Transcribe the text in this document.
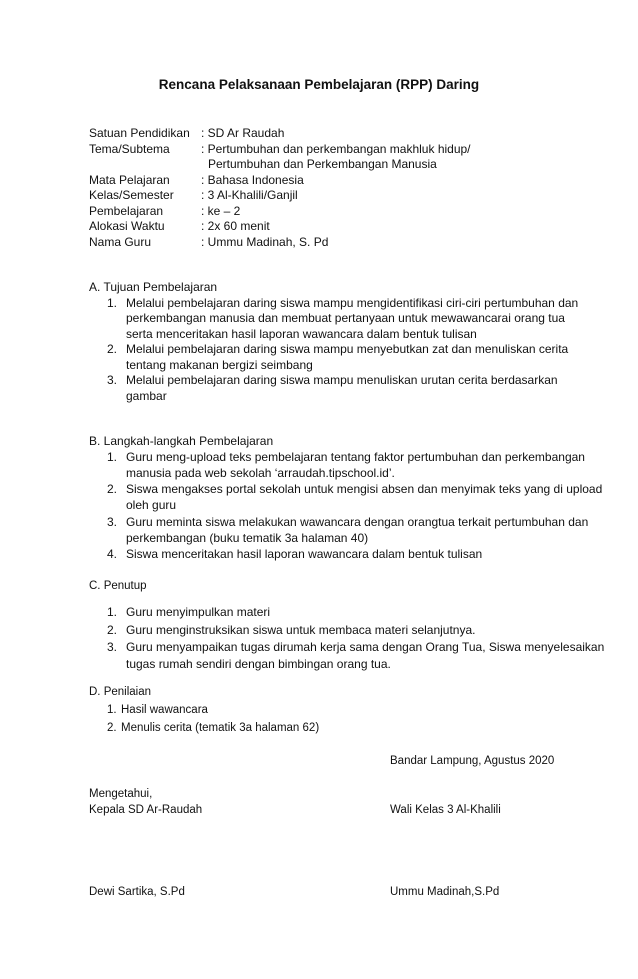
Rencana Pelaksanaan Pembelajaran (RPP) Daring
Satuan Pendidikan : SD Ar Raudah
Tema/Subtema	: Pertumbuhan dan perkembangan makhluk hidup/
Pertumbuhan dan Perkembangan Manusia
Mata Pelajaran	: Bahasa Indonesia
Kelas/Semester	: 3 Al-Khalili/Ganjil
Pembelajaran	: ke – 2
Alokasi Waktu	: 2x 60 menit
Nama Guru	: Ummu Madinah, S. Pd
A. Tujuan Pembelajaran
1. Melalui pembelajaran daring siswa mampu mengidentifikasi ciri-ciri pertumbuhan dan
perkembangan manusia dan membuat pertanyaan untuk mewawancarai orang tua
serta menceritakan hasil laporan wawancara dalam bentuk tulisan
2. Melalui pembelajaran daring siswa mampu menyebutkan zat dan menuliskan cerita
tentang makanan bergizi seimbang
3. Melalui pembelajaran daring siswa mampu menuliskan urutan cerita berdasarkan
gambar
B. Langkah-langkah Pembelajaran
1. Guru meng-upload teks pembelajaran tentang faktor pertumbuhan dan perkembangan
manusia pada web sekolah ‘arraudah.tipschool.id’.
2. Siswa mengakses portal sekolah untuk mengisi absen dan menyimak teks yang di upload
oleh guru
3. Guru meminta siswa melakukan wawancara dengan orangtua terkait pertumbuhan dan
perkembangan (buku tematik 3a halaman 40)
4. Siswa menceritakan hasil laporan wawancara dalam bentuk tulisan
C. Penutup
1. Guru menyimpulkan materi
2. Guru menginstruksikan siswa untuk membaca materi selanjutnya.
3. Guru menyampaikan tugas dirumah kerja sama dengan Orang Tua, Siswa menyelesaikan
tugas rumah sendiri dengan bimbingan orang tua.
D. Penilaian
1. Hasil wawancara
2. Menulis cerita (tematik 3a halaman 62)
Bandar Lampung, Agustus 2020
Mengetahui,
Kepala SD Ar-Raudah	Wali Kelas 3 Al-Khalili
Dewi Sartika, S.Pd	Ummu Madinah,S.Pd
